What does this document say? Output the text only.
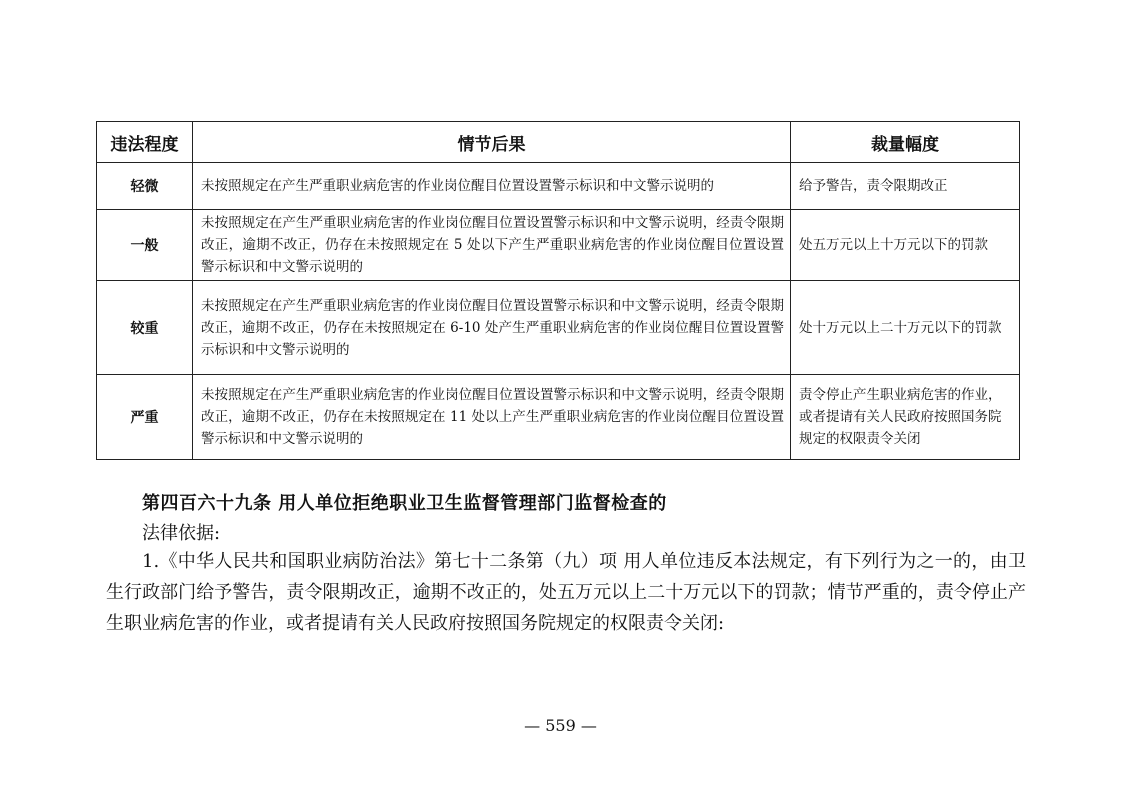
违法程度	情节后果	裁量幅度
轻微	未按照规定在产生严重职业病危害的作业岗位醒目位置设置警示标识和中文警示说明的	给予警告，责令限期改正
一般	未按照规定在产生严重职业病危害的作业岗位醒目位置设置警示标识和中文警示说明，经责令限期改正，逾期不改正，仍存在未按照规定在 5 处以下产生严重职业病危害的作业岗位醒目位置设置警示标识和中文警示说明的	处五万元以上十万元以下的罚款
较重	未按照规定在产生严重职业病危害的作业岗位醒目位置设置警示标识和中文警示说明，经责令限期改正，逾期不改正，仍存在未按照规定在 6-10 处产生严重职业病危害的作业岗位醒目位置设置警示标识和中文警示说明的	处十万元以上二十万元以下的罚款
严重	未按照规定在产生严重职业病危害的作业岗位醒目位置设置警示标识和中文警示说明，经责令限期改正，逾期不改正，仍存在未按照规定在 11 处以上产生严重职业病危害的作业岗位醒目位置设置警示标识和中文警示说明的	责令停止产生职业病危害的作业，或者提请有关人民政府按照国务院规定的权限责令关闭
第四百六十九条 用人单位拒绝职业卫生监督管理部门监督检查的
法律依据:

1.《中华人民共和国职业病防治法》第七十二条第（九）项 用人单位违反本法规定，有下列行为之一的，由卫生行政部门给予警告，责令限期改正，逾期不改正的，处五万元以上二十万元以下的罚款；情节严重的，责令停止产生职业病危害的作业，或者提请有关人民政府按照国务院规定的权限责令关闭:

— 559 —
